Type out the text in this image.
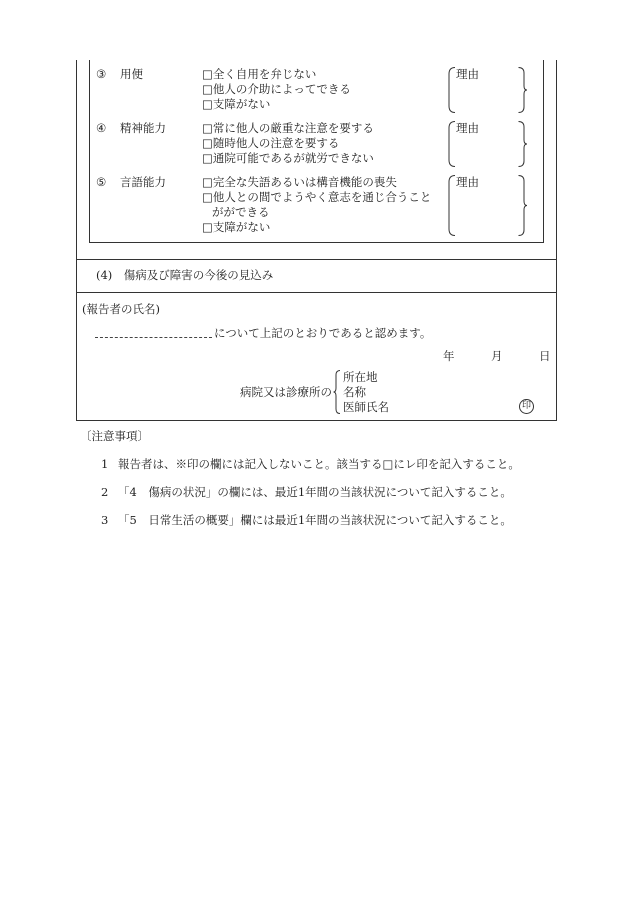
③ 用便	□全く自用を弁じない
□他人の介助によってできる
□支障がない
理由
④ 精神能力	□常に他人の厳重な注意を要する
□随時他人の注意を要する
□通院可能であるが就労できない
理由
⑤ 言語能力	□完全な失語あるいは構音機能の喪失
□他人との間でようやく意志を通じ合うこと
がができる
□支障がない
理由
(4)　傷病及び障害の今後の見込み
(報告者の氏名)
について上記のとおりであると認めます。
年	月	日
病院又は診療所の
所在地
名称
医師氏名	印
〔注意事項〕
1 報告者は、※印の欄には記入しないこと。該当する□にレ印を記入すること。
2 「4　傷病の状況」の欄には、最近1年間の当該状況について記入すること。
3 「5　日常生活の概要」欄には最近1年間の当該状況について記入すること。
